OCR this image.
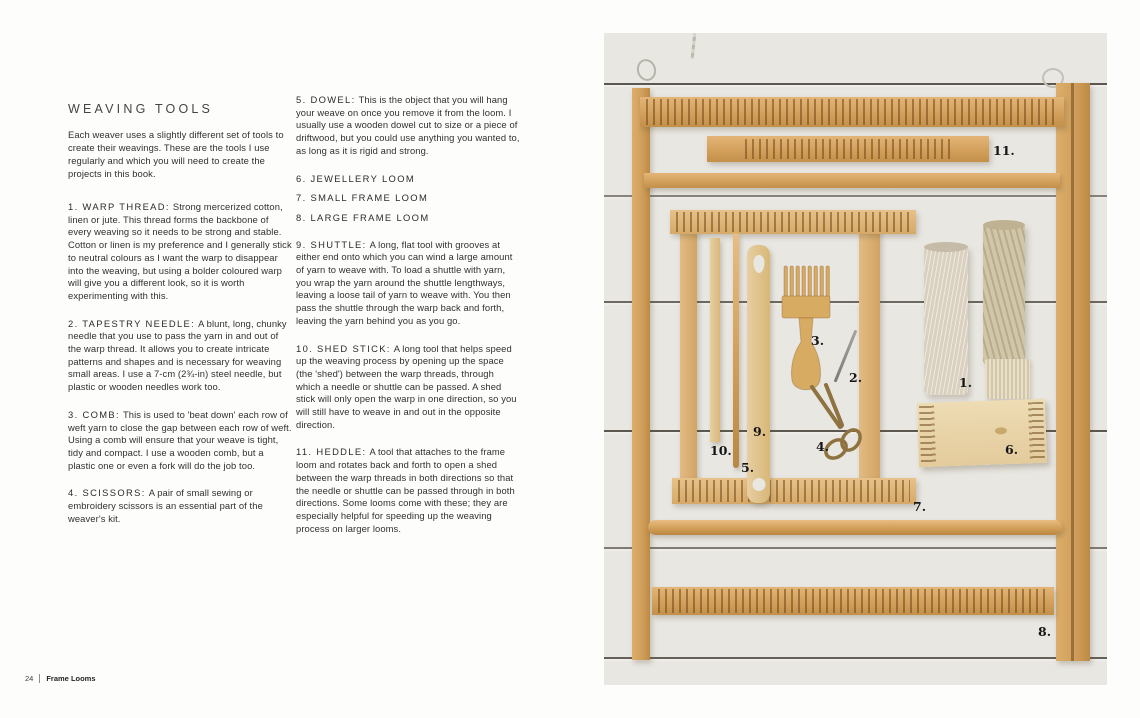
WEAVING TOOLS

Each weaver uses a slightly different set of tools to create their weavings. These are the tools I use regularly and which you will need to create the projects in this book.

1. WARP THREAD: Strong mercerized cotton, linen or jute. This thread forms the backbone of every weaving so it needs to be strong and stable. Cotton or linen is my preference and I generally stick to neutral colours as I want the warp to disappear into the weaving, but using a bolder coloured warp will give you a different look, so it is worth experimenting with this.

2. TAPESTRY NEEDLE: A blunt, long, chunky needle that you use to pass the yarn in and out of the warp thread. It allows you to create intricate patterns and shapes and is necessary for weaving small areas. I use a 7-cm (2¾-in) steel needle, but plastic or wooden needles work too.

3. COMB: This is used to 'beat down' each row of weft yarn to close the gap between each row of weft. Using a comb will ensure that your weave is tight, tidy and compact. I use a wooden comb, but a plastic one or even a fork will do the job too.

4. SCISSORS: A pair of small sewing or embroidery scissors is an essential part of the weaver's kit.

5. DOWEL: This is the object that you will hang your weave on once you remove it from the loom. I usually use a wooden dowel cut to size or a piece of driftwood, but you could use anything you wanted to, as long as it is rigid and strong.

6. JEWELLERY LOOM

7. SMALL FRAME LOOM

8. LARGE FRAME LOOM

9. SHUTTLE: A long, flat tool with grooves at either end onto which you can wind a large amount of yarn to weave with. To load a shuttle with yarn, you wrap the yarn around the shuttle lengthways, leaving a loose tail of yarn to weave with. You then pass the shuttle through the warp back and forth, leaving the yarn behind you as you go.

10. SHED STICK: A long tool that helps speed up the weaving process by opening up the space (the 'shed') between the warp threads, through which a needle or shuttle can be passed. A shed stick will only open the warp in one direction, so you will still have to weave in and out in the opposite direction.

11. HEDDLE: A tool that attaches to the frame loom and rotates back and forth to open a shed between the warp threads in both directions so that the needle or shuttle can be passed through in both directions. Some looms come with these; they are especially helpful for speeding up the weaving process on larger looms.

24 Frame Looms
1.
2.
3.
4.
5.
6.
7.
8.
9.
10.
11.
